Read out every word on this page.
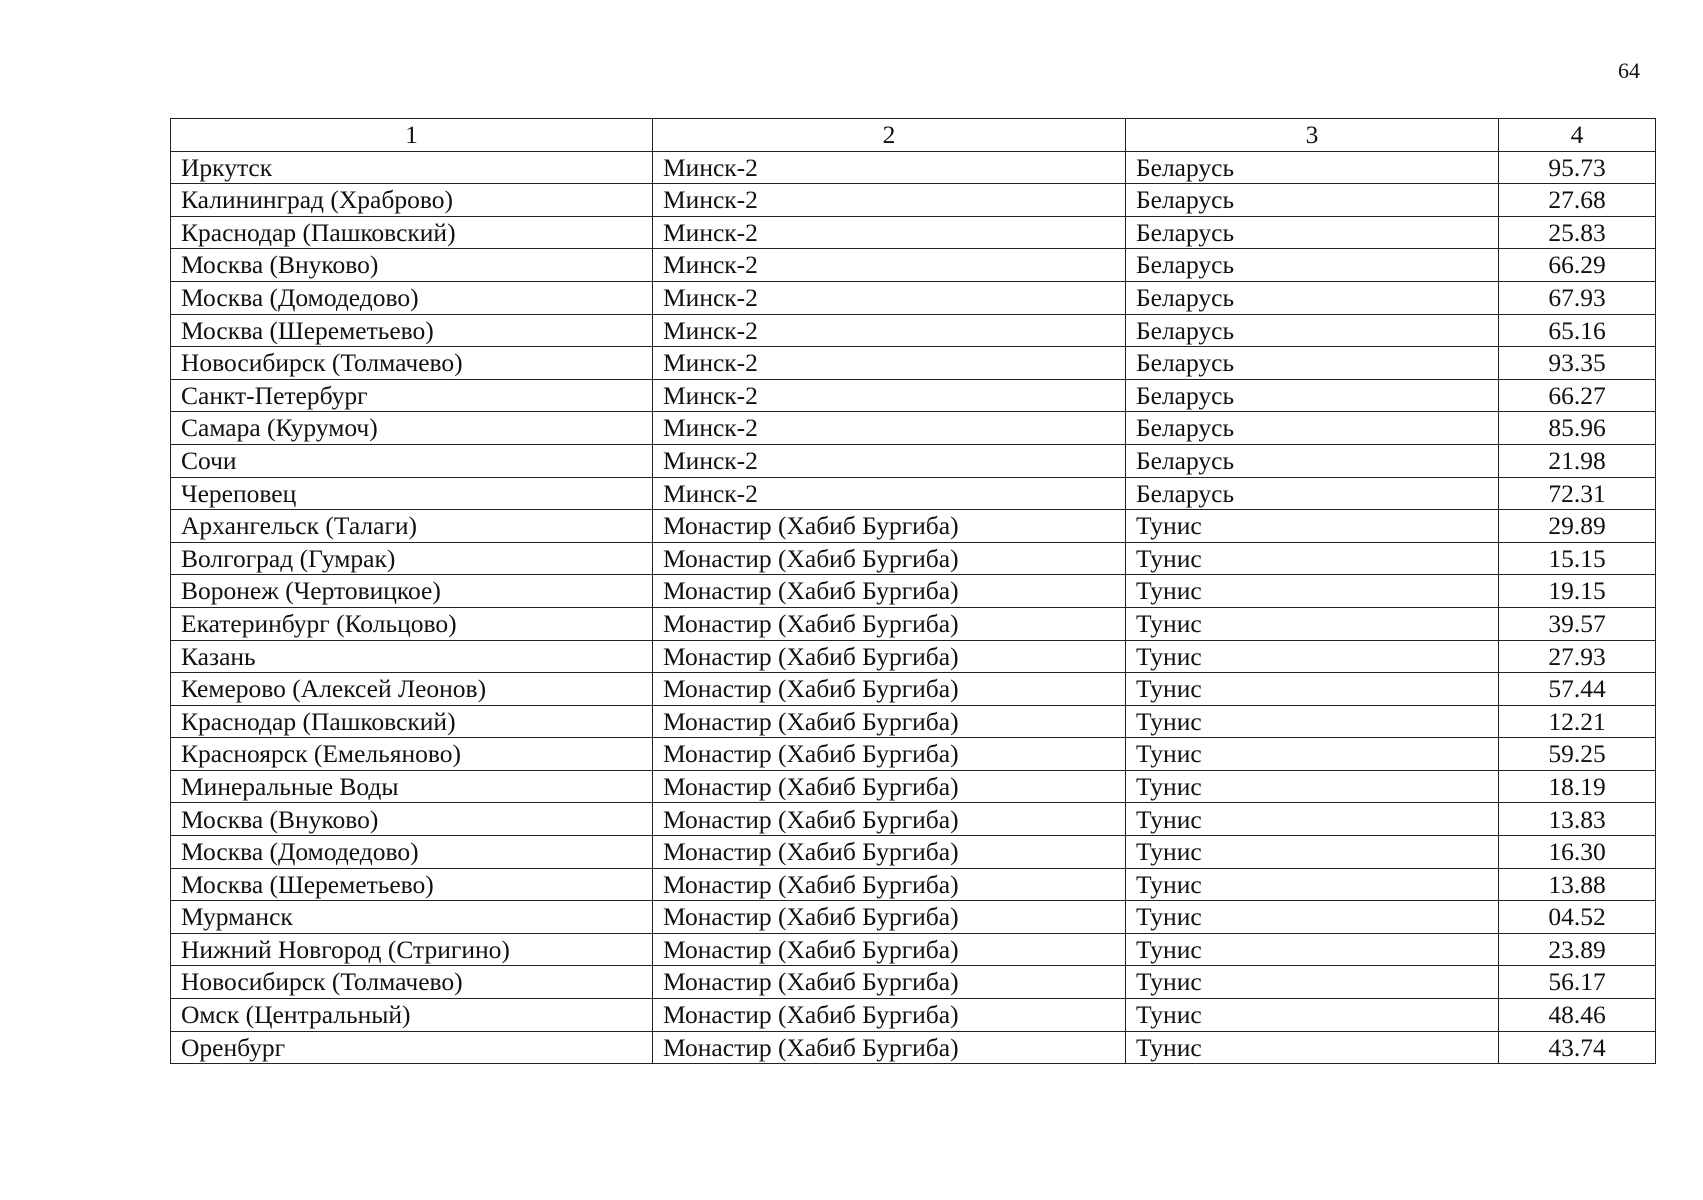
64
1	2	3	4
Иркутск	Минск-2	Беларусь	95.73
Калининград (Храброво)	Минск-2	Беларусь	27.68
Краснодар (Пашковский)	Минск-2	Беларусь	25.83
Москва (Внуково)	Минск-2	Беларусь	66.29
Москва (Домодедово)	Минск-2	Беларусь	67.93
Москва (Шереметьево)	Минск-2	Беларусь	65.16
Новосибирск (Толмачево)	Минск-2	Беларусь	93.35
Санкт-Петербург	Минск-2	Беларусь	66.27
Самара (Курумоч)	Минск-2	Беларусь	85.96
Сочи	Минск-2	Беларусь	21.98
Череповец	Минск-2	Беларусь	72.31
Архангельск (Талаги)	Монастир (Хабиб Бургиба)	Тунис	29.89
Волгоград (Гумрак)	Монастир (Хабиб Бургиба)	Тунис	15.15
Воронеж (Чертовицкое)	Монастир (Хабиб Бургиба)	Тунис	19.15
Екатеринбург (Кольцово)	Монастир (Хабиб Бургиба)	Тунис	39.57
Казань	Монастир (Хабиб Бургиба)	Тунис	27.93
Кемерово (Алексей Леонов)	Монастир (Хабиб Бургиба)	Тунис	57.44
Краснодар (Пашковский)	Монастир (Хабиб Бургиба)	Тунис	12.21
Красноярск (Емельяново)	Монастир (Хабиб Бургиба)	Тунис	59.25
Минеральные Воды	Монастир (Хабиб Бургиба)	Тунис	18.19
Москва (Внуково)	Монастир (Хабиб Бургиба)	Тунис	13.83
Москва (Домодедово)	Монастир (Хабиб Бургиба)	Тунис	16.30
Москва (Шереметьево)	Монастир (Хабиб Бургиба)	Тунис	13.88
Мурманск	Монастир (Хабиб Бургиба)	Тунис	04.52
Нижний Новгород (Стригино)	Монастир (Хабиб Бургиба)	Тунис	23.89
Новосибирск (Толмачево)	Монастир (Хабиб Бургиба)	Тунис	56.17
Омск (Центральный)	Монастир (Хабиб Бургиба)	Тунис	48.46
Оренбург	Монастир (Хабиб Бургиба)	Тунис	43.74
